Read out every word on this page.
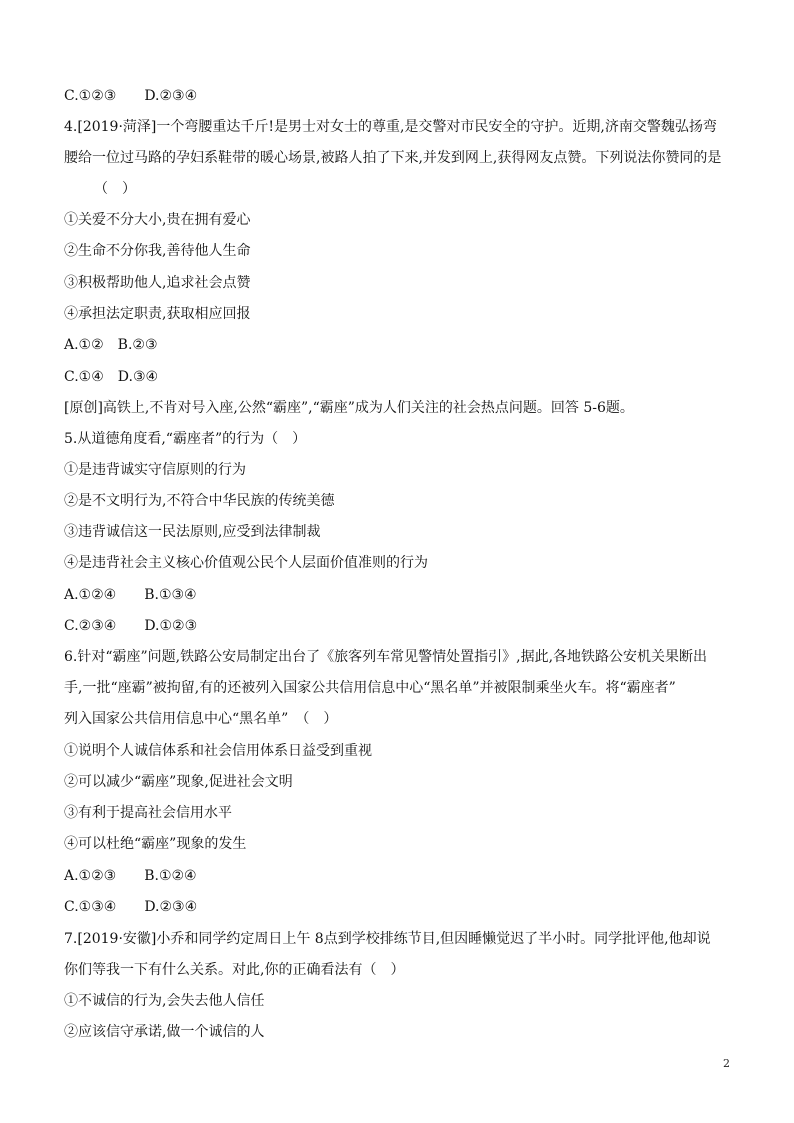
C.①②③　　D.②③④
4.[2019·菏泽]一个弯腰重达千斤!是男士对女士的尊重,是交警对市民安全的守护。近期,济南交警魏弘扬弯
腰给一位过马路的孕妇系鞋带的暖心场景,被路人拍了下来,并发到网上,获得网友点赞。下列说法你赞同的是
（　）
①关爱不分大小,贵在拥有爱心
②生命不分你我,善待他人生命
③积极帮助他人,追求社会点赞
④承担法定职责,获取相应回报
A.①②　B.②③
C.①④　D.③④
[原创]高铁上,不肯对号入座,公然“霸座”,“霸座”成为人们关注的社会热点问题。回答 5-6题。
5.从道德角度看,“霸座者”的行为（　）
①是违背诚实守信原则的行为
②是不文明行为,不符合中华民族的传统美德
③违背诚信这一民法原则,应受到法律制裁
④是违背社会主义核心价值观公民个人层面价值准则的行为
A.①②④　　B.①③④
C.②③④　　D.①②③
6.针对“霸座”问题,铁路公安局制定出台了《旅客列车常见警情处置指引》,据此,各地铁路公安机关果断出
手,一批“座霸”被拘留,有的还被列入国家公共信用信息中心“黑名单”并被限制乘坐火车。将“霸座者”
列入国家公共信用信息中心“黑名单”　（　）
①说明个人诚信体系和社会信用体系日益受到重视
②可以减少“霸座”现象,促进社会文明
③有利于提高社会信用水平
④可以杜绝“霸座”现象的发生
A.①②③　　B.①②④
C.①③④　　D.②③④
7.[2019·安徽]小乔和同学约定周日上午 8点到学校排练节目,但因睡懒觉迟了半小时。同学批评他,他却说
你们等我一下有什么关系。对此,你的正确看法有（　）
①不诚信的行为,会失去他人信任
②应该信守承诺,做一个诚信的人
2
